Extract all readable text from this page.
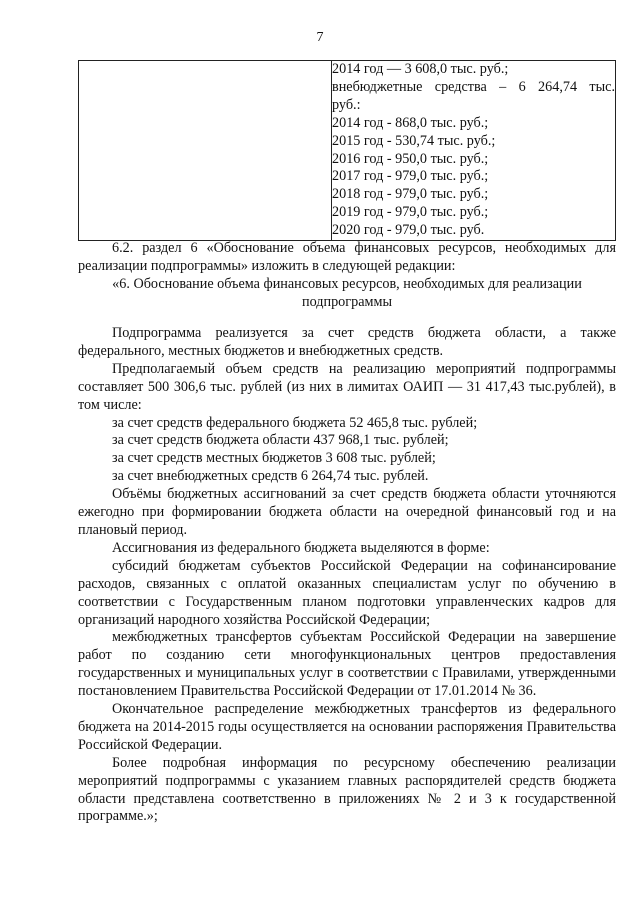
7

2014 год — 3 608,0 тыс. руб.;
внебюджетные средства – 6 264,74 тыс.
руб.:
2014 год - 868,0 тыс. руб.;
2015 год - 530,74 тыс. руб.;
2016 год - 950,0 тыс. руб.;
2017 год - 979,0 тыс. руб.;
2018 год - 979,0 тыс. руб.;
2019 год - 979,0 тыс. руб.;
2020 год - 979,0 тыс. руб.

6.2. раздел 6 «Обоснование объема финансовых ресурсов, необходимых для реализации подпрограммы» изложить в следующей редакции:

«6. Обоснование объема финансовых ресурсов, необходимых для реализации подпрограммы

Подпрограмма реализуется за счет средств бюджета области, а также федерального, местных бюджетов и внебюджетных средств.

Предполагаемый объем средств на реализацию мероприятий подпрограммы составляет 500 306,6 тыс. рублей (из них в лимитах ОАИП — 31 417,43 тыс.рублей), в том числе:

за счет средств федерального бюджета 52 465,8 тыс. рублей;

за счет средств бюджета области 437 968,1 тыс. рублей;

за счет средств местных бюджетов 3 608 тыс. рублей;

за счет внебюджетных средств 6 264,74 тыс. рублей.

Объёмы бюджетных ассигнований за счет средств бюджета области уточняются ежегодно при формировании бюджета области на очередной финансовый год и на плановый период.

Ассигнования из федерального бюджета выделяются в форме:

субсидий бюджетам субъектов Российской Федерации на софинансирование расходов, связанных с оплатой оказанных специалистам услуг по обучению в соответствии с Государственным планом подготовки управленческих кадров для организаций народного хозяйства Российской Федерации;

межбюджетных трансфертов субъектам Российской Федерации на завершение работ по созданию сети многофункциональных центров предоставления государственных и муниципальных услуг в соответствии с Правилами, утвержденными постановлением Правительства Российской Федерации от 17.01.2014 № 36.

Окончательное распределение межбюджетных трансфертов из федерального бюджета на 2014-2015 годы осуществляется на основании распоряжения Правительства Российской Федерации.

Более подробная информация по ресурсному обеспечению реализации мероприятий подпрограммы с указанием главных распорядителей средств бюджета области представлена соответственно в приложениях № 2 и 3 к государственной программе.»;
